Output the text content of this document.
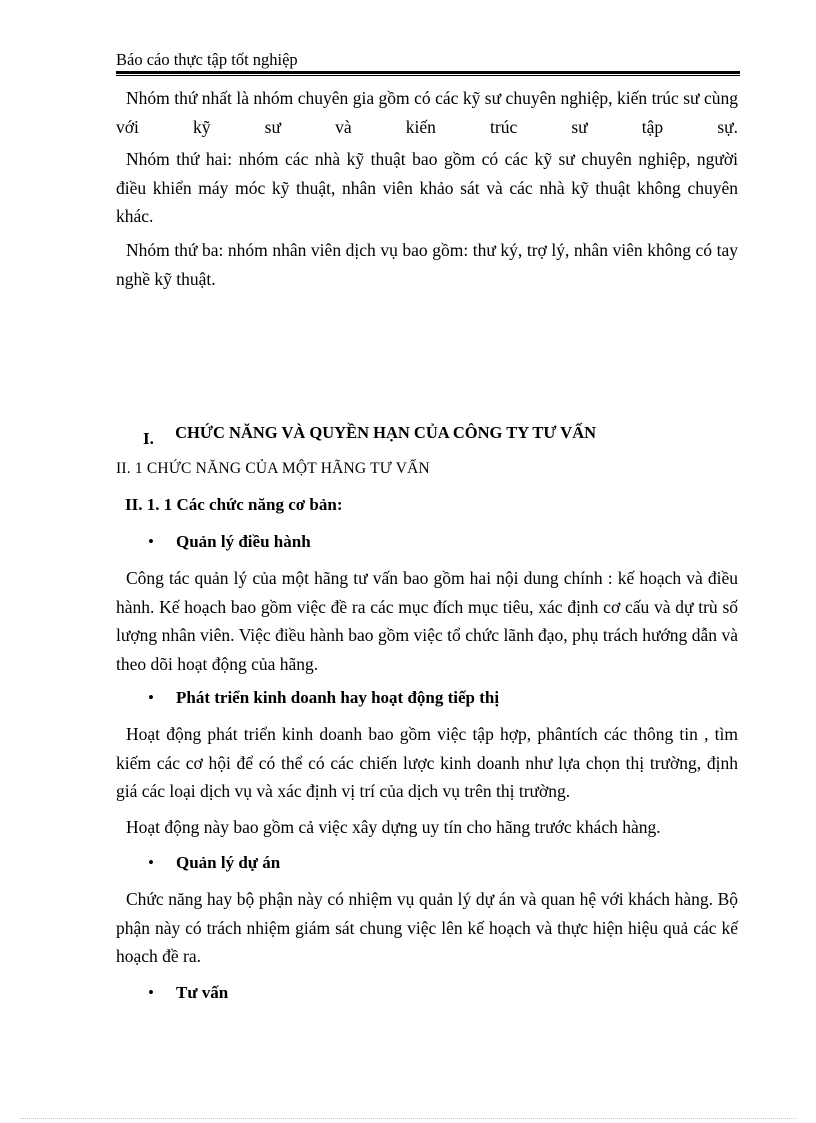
Báo cáo thực tập tốt nghiệp

Nhóm thứ nhất là nhóm chuyên gia gồm có các kỹ sư chuyên nghiệp, kiến trúc sư cùng với kỹ sư và kiến trúc sư tập sự.

Nhóm thứ hai: nhóm các nhà kỹ thuật bao gồm có các kỹ sư chuyên nghiệp, người điều khiển máy móc kỹ thuật, nhân viên khảo sát và các nhà kỹ thuật không chuyên khác.

Nhóm thứ ba: nhóm nhân viên dịch vụ bao gồm: thư ký, trợ lý, nhân viên không có tay nghề kỹ thuật.

I. CHỨC NĂNG VÀ QUYỀN HẠN CỦA CÔNG TY TƯ VẤN
II. 1 CHỨC NĂNG CỦA MỘT HÃNG TƯ VẤN
II. 1. 1 Các chức năng cơ bản:
• Quản lý điều hành

Công tác quản lý của một hãng tư vấn bao gồm hai nội dung chính : kế hoạch và điều hành. Kế hoạch bao gồm việc đề ra các mục đích mục tiêu, xác định cơ cấu và dự trù số lượng nhân viên. Việc điều hành bao gồm việc tổ chức lãnh đạo, phụ trách hướng dẫn và theo dõi hoạt động của hãng.

• Phát triển kinh doanh hay hoạt động tiếp thị

Hoạt động phát triển kinh doanh bao gồm việc tập hợp, phântích các thông tin , tìm kiếm các cơ hội để có thể có các chiến lược kinh doanh như lựa chọn thị trường, định giá các loại dịch vụ và xác định vị trí của dịch vụ trên thị trường.

Hoạt động này bao gồm cả việc xây dựng uy tín cho hãng trước khách hàng.

• Quản lý dự án

Chức năng hay bộ phận này có nhiệm vụ quản lý dự án và quan hệ với khách hàng. Bộ phận này có trách nhiệm giám sát chung việc lên kế hoạch và thực hiện hiệu quả các kế hoạch đề ra.

• Tư vấn
